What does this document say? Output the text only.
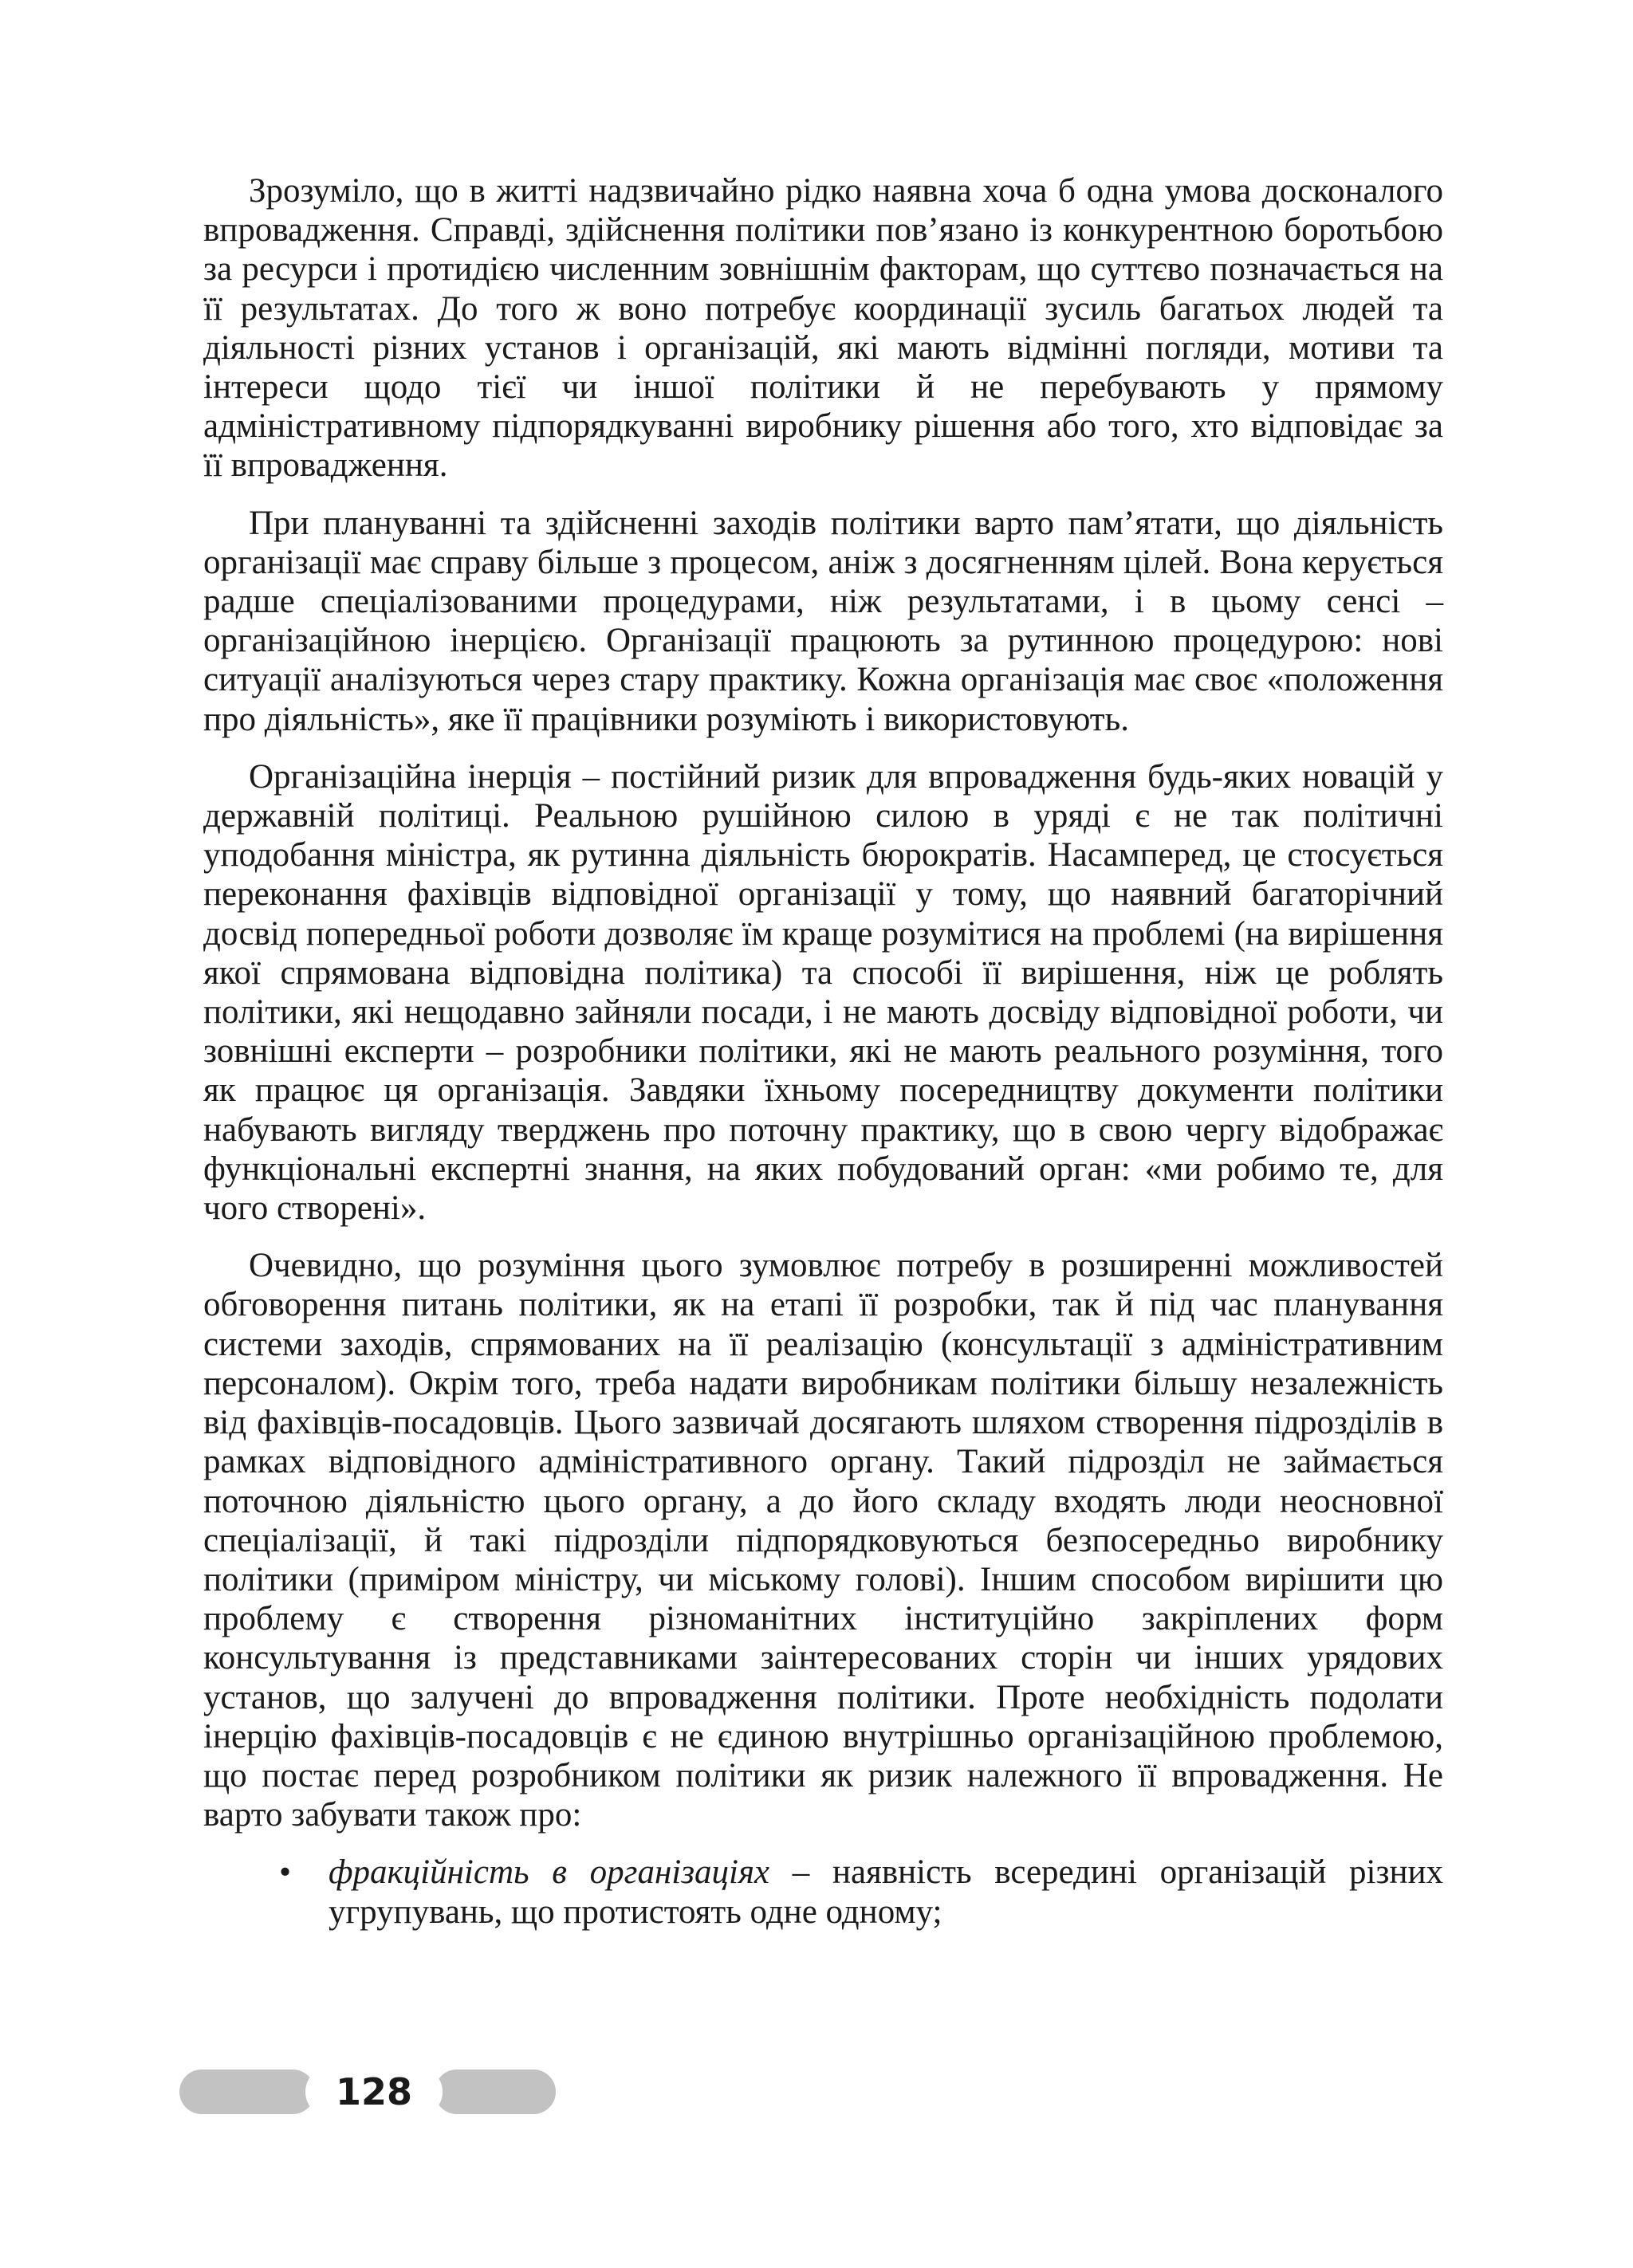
Зрозуміло, що в житті надзвичайно рідко наявна хоча б одна умова досконалого впровадження. Справді, здійснення політики пов’язано із конкурентною боротьбою за ресурси і протидією численним зовнішнім факторам, що суттєво позначається на її результатах. До того ж воно потребує координації зусиль багатьох людей та діяльності різних установ і організацій, які мають відмінні погляди, мотиви та інтереси щодо тієї чи іншої політики й не перебувають у прямому адміністративному підпорядкуванні виробнику рішення або того, хто відповідає за її впровадження.

При плануванні та здійсненні заходів політики варто пам’ятати, що діяльність організації має справу більше з процесом, аніж з досягненням цілей. Вона керується радше спеціалізованими процедурами, ніж результатами, і в цьому сенсі – організаційною інерцією. Організації працюють за рутинною процедурою: нові ситуації аналізуються через стару практику. Кожна організація має своє «положення про діяльність», яке її працівники розуміють і використовують.

Організаційна інерція – постійний ризик для впровадження будь-яких новацій у державній політиці. Реальною рушійною силою в уряді є не так політичні уподобання міністра, як рутинна діяльність бюрократів. Насамперед, це стосується переконання фахівців відповідної організації у тому, що наявний багаторічний досвід попередньої роботи дозволяє їм краще розумітися на проблемі (на вирішення якої спрямована відповідна політика) та способі її вирішення, ніж це роблять політики, які нещодавно зайняли посади, і не мають досвіду відповідної роботи, чи зовнішні експерти – розробники політики, які не мають реального розуміння, того як працює ця організація. Завдяки їхньому посередництву документи політики набувають вигляду тверджень про поточну практику, що в свою чергу відображає функціональні експертні знання, на яких побудований орган: «ми робимо те, для чого створені».

Очевидно, що розуміння цього зумовлює потребу в розширенні можливостей обговорення питань політики, як на етапі її розробки, так й під час планування системи заходів, спрямованих на її реалізацію (консультації з адміністративним персоналом). Окрім того, треба надати виробникам політики більшу незалежність від фахівців-посадовців. Цього зазвичай досягають шляхом створення підрозділів в рамках відповідного адміністративного органу. Такий підрозділ не займається поточною діяльністю цього органу, а до його складу входять люди неосновної спеціалізації, й такі підрозділи підпорядковуються безпосередньо виробнику політики (приміром міністру, чи міському голові). Іншим способом вирішити цю проблему є створення різноманітних інституційно закріплених форм консультування із представниками заінтересованих сторін чи інших урядових установ, що залучені до впровадження політики. Проте необхідність подолати інерцію фахівців-посадовців є не єдиною внутрішньо організаційною проблемою, що постає перед розробником політики як ризик належного її впровадження. Не варто забувати також про:

• фракційність в організаціях – наявність всередині організацій різних угрупувань, що протистоять одне одному;
128
